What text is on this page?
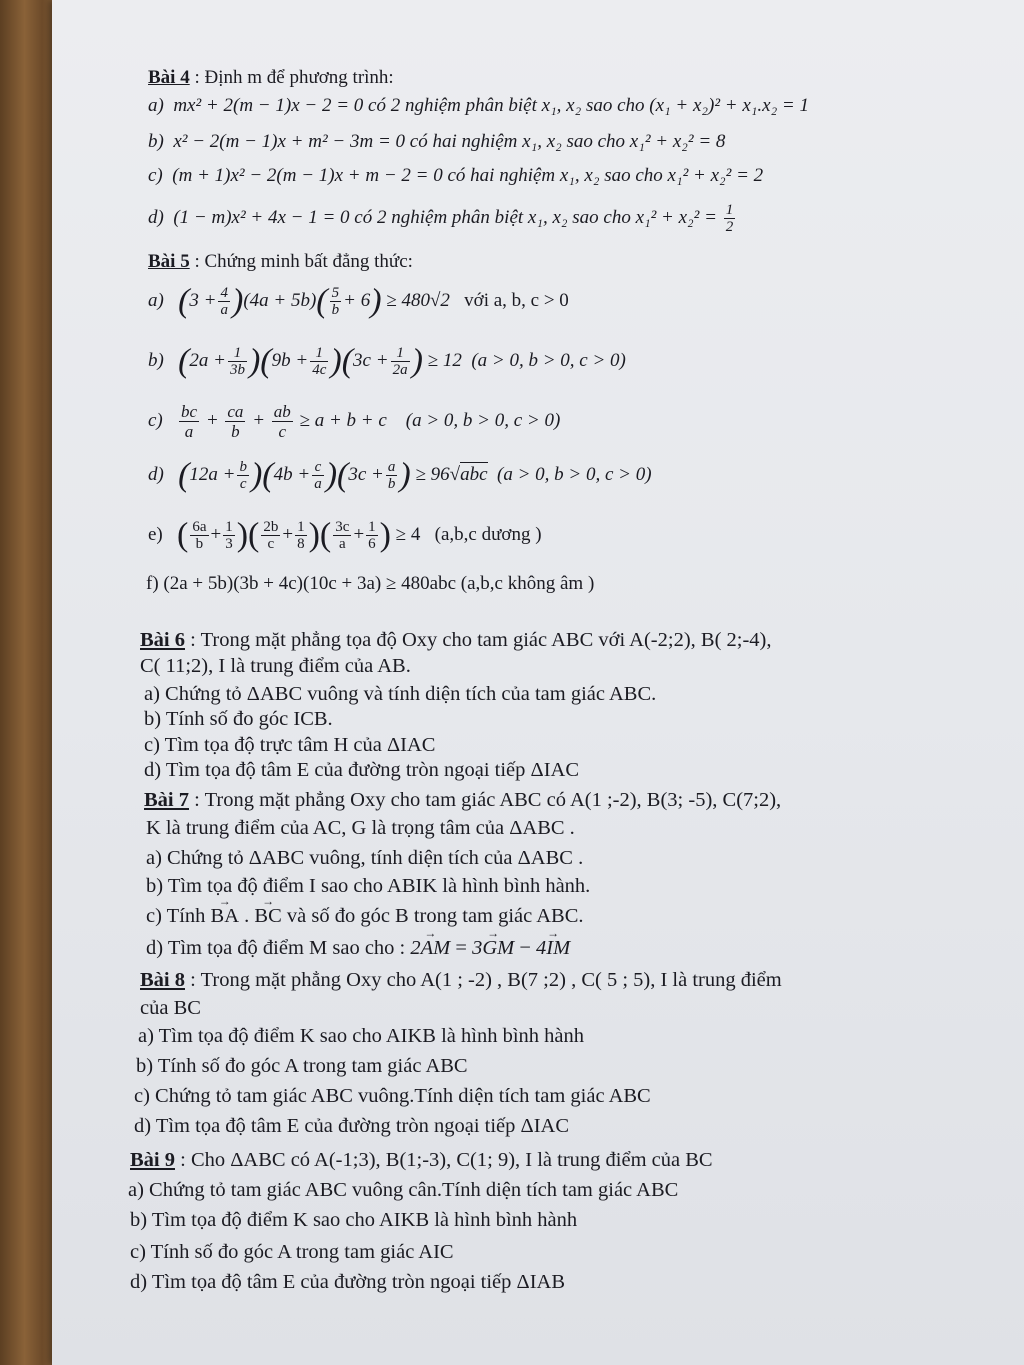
Bài 4 : Định m để phương trình:
a) mx² + 2(m − 1)x − 2 = 0 có 2 nghiệm phân biệt x₁, x₂ sao cho (x₁ + x₂)² + x₁.x₂ = 1
b) x² − 2(m − 1)x + m² − 3m = 0 có hai nghiệm x₁, x₂ sao cho x₁² + x₂² = 8
c) (m + 1)x² − 2(m − 1)x + m − 2 = 0 có hai nghiệm x₁, x₂ sao cho x₁² + x₂² = 2
d) (1 − m)x² + 4x − 1 = 0 có 2 nghiệm phân biệt x₁, x₂ sao cho $x_1^2 + x_2^2 = \frac{1}{2}$
Bài 5 : Chứng minh bất đẳng thức:
a) $(3 + \frac{4}{a} )(4a + 5b)( \frac{5}{b} + 6) \ge 480√2$ với a, b, c > 0
b) $(2a + \frac{1}{3b} )(9b + \frac{1}{4c} )(3c + \frac{1}{2a}$ ) ≥ 12 (a > 0, b > 0, c > 0)
$c) \frac{bc}{a} + \frac{ca}{b} + \frac{ab}{c} \ge a + b + c$ (a > 0, b > 0, c > 0)
d) $(12a + \frac{b}{c} )(4b + \frac{c}{a} )(3c + \frac{a}{b}$ ) ≥ 96√abc (a > 0, b > 0, c > 0)
e) ( $\frac{6a}{b} + \frac{1}{3}$ )( $\frac{2b}{c} + \frac{1}{8}$ )( $\frac{3c}{a} + \frac{1}{6}$ ) ≥ 4 (a,b,c dương )
f) (2a + 5b)(3b + 4c)(10c + 3a) ≥ 480abc (a,b,c không âm )
Bài 6 : Trong mặt phẳng tọa độ Oxy cho tam giác ABC với A(-2;2), B( 2;-4),
C( 11;2), I là trung điểm của AB.
a) Chứng tỏ ΔABC vuông và tính diện tích của tam giác ABC.
b) Tính số đo góc ICB.
c) Tìm tọa độ trực tâm H của ΔIAC
d) Tìm tọa độ tâm E của đường tròn ngoại tiếp ΔIAC
Bài 7 : Trong mặt phẳng Oxy cho tam giác ABC có A(1 ;-2), B(3; -5), C(7;2),
K là trung điểm của AC, G là trọng tâm của ΔABC .
a) Chứng tỏ ΔABC vuông, tính diện tích của ΔABC .
b) Tìm tọa độ điểm I sao cho ABIK là hình bình hành.
c) Tính → BA . → BC và số đo góc B trong tam giác ABC.
d) Tìm tọa độ điểm M sao cho : → 2AM = → 3GM − → 4IM
Bài 8 : Trong mặt phẳng Oxy cho A(1 ; -2) , B(7 ;2) , C( 5 ; 5), I là trung điểm
của BC
a) Tìm tọa độ điểm K sao cho AIKB là hình bình hành
b) Tính số đo góc A trong tam giác ABC
c) Chứng tỏ tam giác ABC vuông.Tính diện tích tam giác ABC
d) Tìm tọa độ tâm E của đường tròn ngoại tiếp ΔIAC
Bài 9 : Cho ΔABC có A(-1;3), B(1;-3), C(1; 9), I là trung điểm của BC
a) Chứng tỏ tam giác ABC vuông cân.Tính diện tích tam giác ABC
b) Tìm tọa độ điểm K sao cho AIKB là hình bình hành
c) Tính số đo góc A trong tam giác AIC
d) Tìm tọa độ tâm E của đường tròn ngoại tiếp ΔIAB
